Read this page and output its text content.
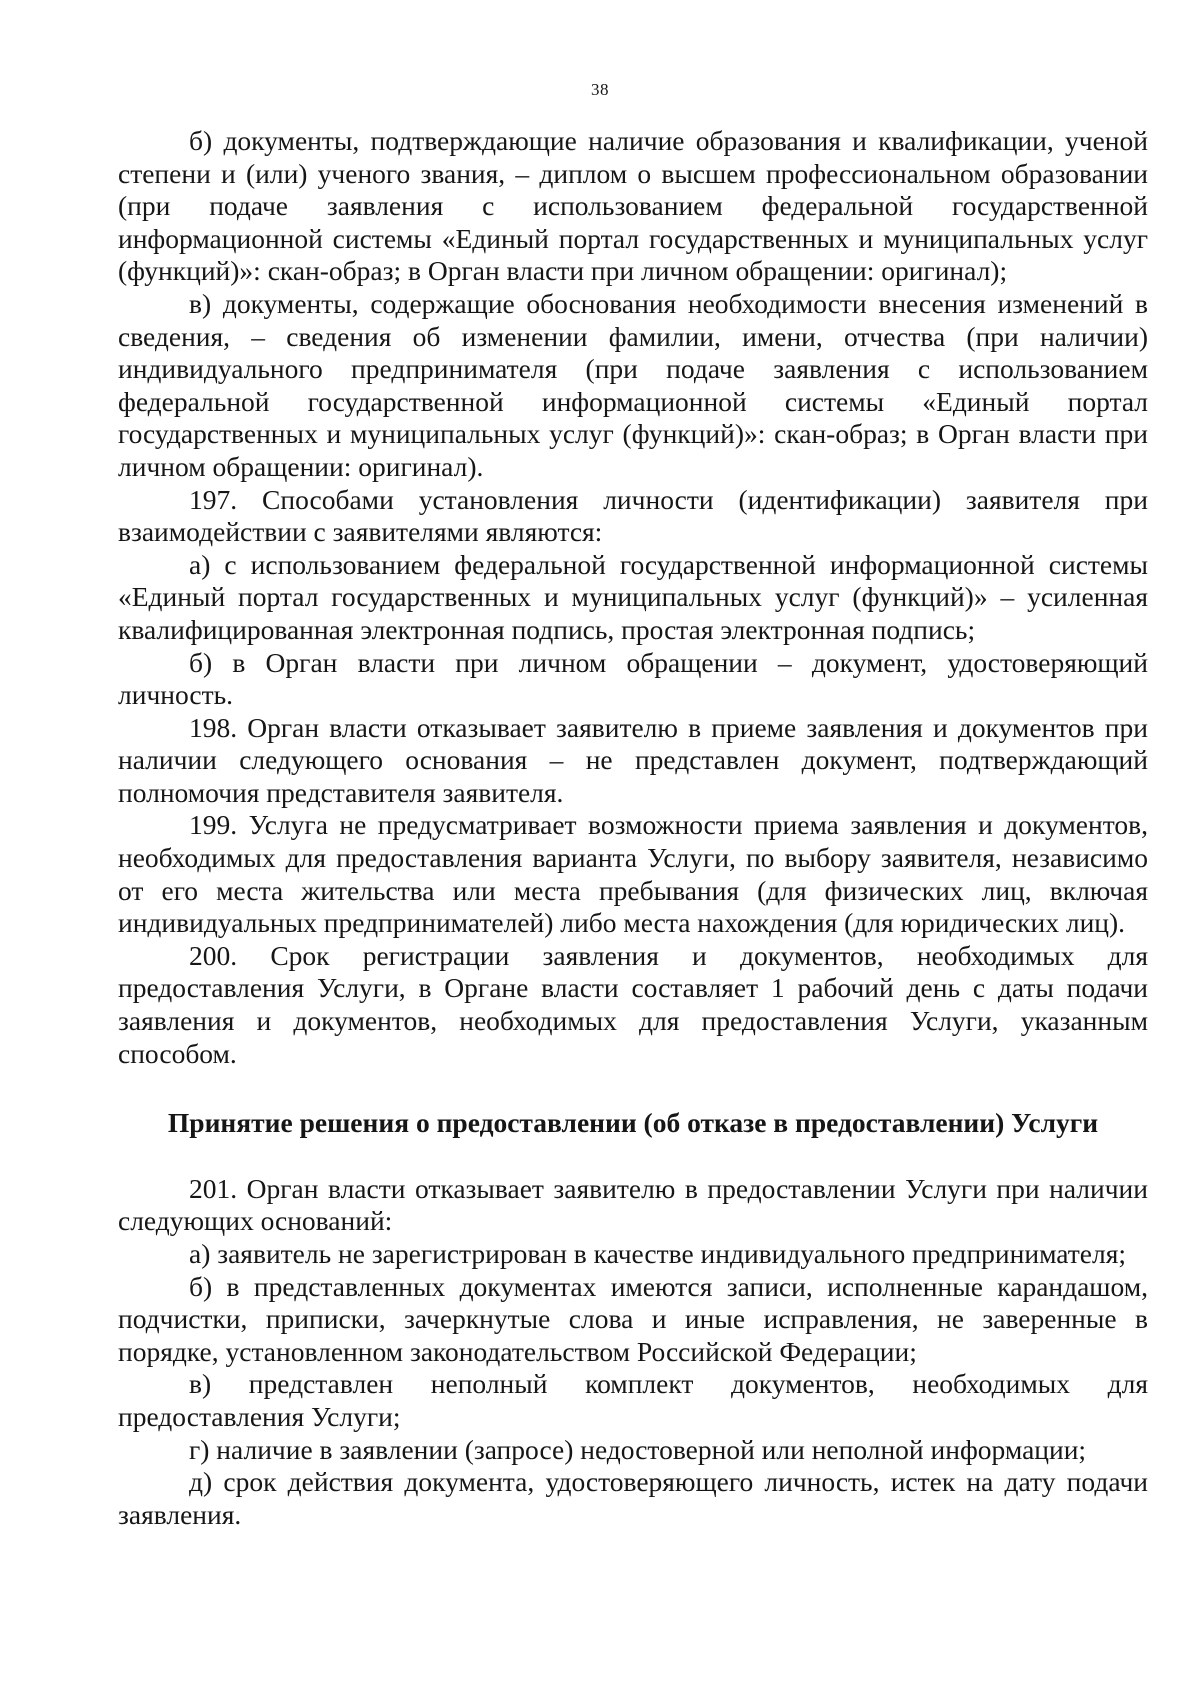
38

б) документы, подтверждающие наличие образования и квалификации, ученой степени и (или) ученого звания, – диплом о высшем профессиональном образовании (при подаче заявления с использованием федеральной государственной информационной системы «Единый портал государственных и муниципальных услуг (функций)»: скан-образ; в Орган власти при личном обращении: оригинал);

в) документы, содержащие обоснования необходимости внесения изменений в сведения, – сведения об изменении фамилии, имени, отчества (при наличии) индивидуального предпринимателя (при подаче заявления с использованием федеральной государственной информационной системы «Единый портал государственных и муниципальных услуг (функций)»: скан-образ; в Орган власти при личном обращении: оригинал).

197. Способами установления личности (идентификации) заявителя при взаимодействии с заявителями являются:

а) с использованием федеральной государственной информационной системы «Единый портал государственных и муниципальных услуг (функций)» – усиленная квалифицированная электронная подпись, простая электронная подпись;

б) в Орган власти при личном обращении – документ, удостоверяющий личность.

198. Орган власти отказывает заявителю в приеме заявления и документов при наличии следующего основания – не представлен документ, подтверждающий полномочия представителя заявителя.

199. Услуга не предусматривает возможности приема заявления и документов, необходимых для предоставления варианта Услуги, по выбору заявителя, независимо от его места жительства или места пребывания (для физических лиц, включая индивидуальных предпринимателей) либо места нахождения (для юридических лиц).

200. Срок регистрации заявления и документов, необходимых для предоставления Услуги, в Органе власти составляет 1 рабочий день с даты подачи заявления и документов, необходимых для предоставления Услуги, указанным способом.

Принятие решения о предоставлении (об отказе в предоставлении) Услуги

201. Орган власти отказывает заявителю в предоставлении Услуги при наличии следующих оснований:

а) заявитель не зарегистрирован в качестве индивидуального предпринимателя;

б) в представленных документах имеются записи, исполненные карандашом, подчистки, приписки, зачеркнутые слова и иные исправления, не заверенные в порядке, установленном законодательством Российской Федерации;

в) представлен неполный комплект документов, необходимых для предоставления Услуги;

г) наличие в заявлении (запросе) недостоверной или неполной информации;

д) срок действия документа, удостоверяющего личность, истек на дату подачи заявления.
